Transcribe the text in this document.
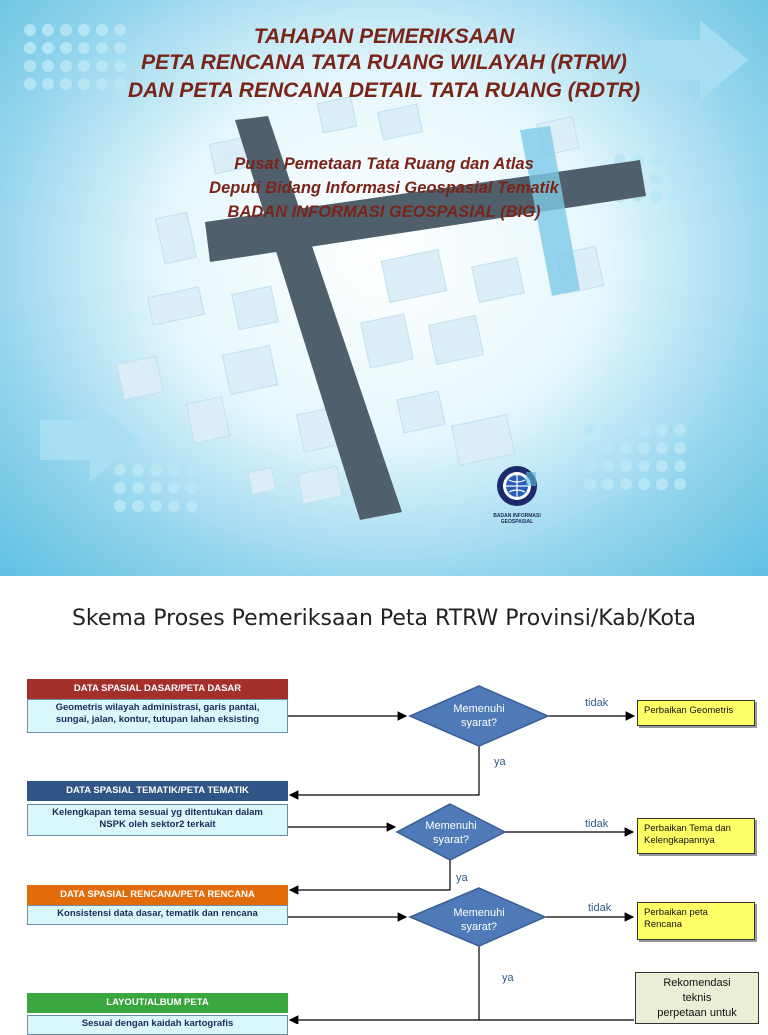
TAHAPAN PEMERIKSAAN
PETA RENCANA TATA RUANG WILAYAH (RTRW)
DAN PETA RENCANA DETAIL TATA RUANG (RDTR)
Pusat Pemetaan Tata Ruang dan Atlas
Deputi Bidang Informasi Geospasial Tematik
BADAN INFORMASI GEOSPASIAL (BIG)
BADAN INFORMASI
GEOSPASIAL
Skema Proses Pemeriksaan Peta RTRW Provinsi/Kab/Kota
DATA SPASIAL DASAR/PETA DASAR
Geometris wilayah administrasi, garis pantai,
sungai, jalan, kontur, tutupan lahan eksisting
DATA SPASIAL TEMATIK/PETA TEMATIK
Kelengkapan tema sesuai yg ditentukan dalam
NSPK oleh sektor2 terkait
DATA SPASIAL RENCANA/PETA RENCANA
Konsistensi data dasar, tematik dan rencana
LAYOUT/ALBUM PETA
Sesuai dengan kaidah kartografis
Memenuhi
syarat?
Memenuhi
syarat?
Memenuhi
syarat?
tidak
tidak
tidak
ya
ya
ya
Perbaikan Geometris
Perbaikan Tema dan
Kelengkapannya
Perbaikan peta
Rencana
Rekomendasi
teknis
perpetaan untuk
